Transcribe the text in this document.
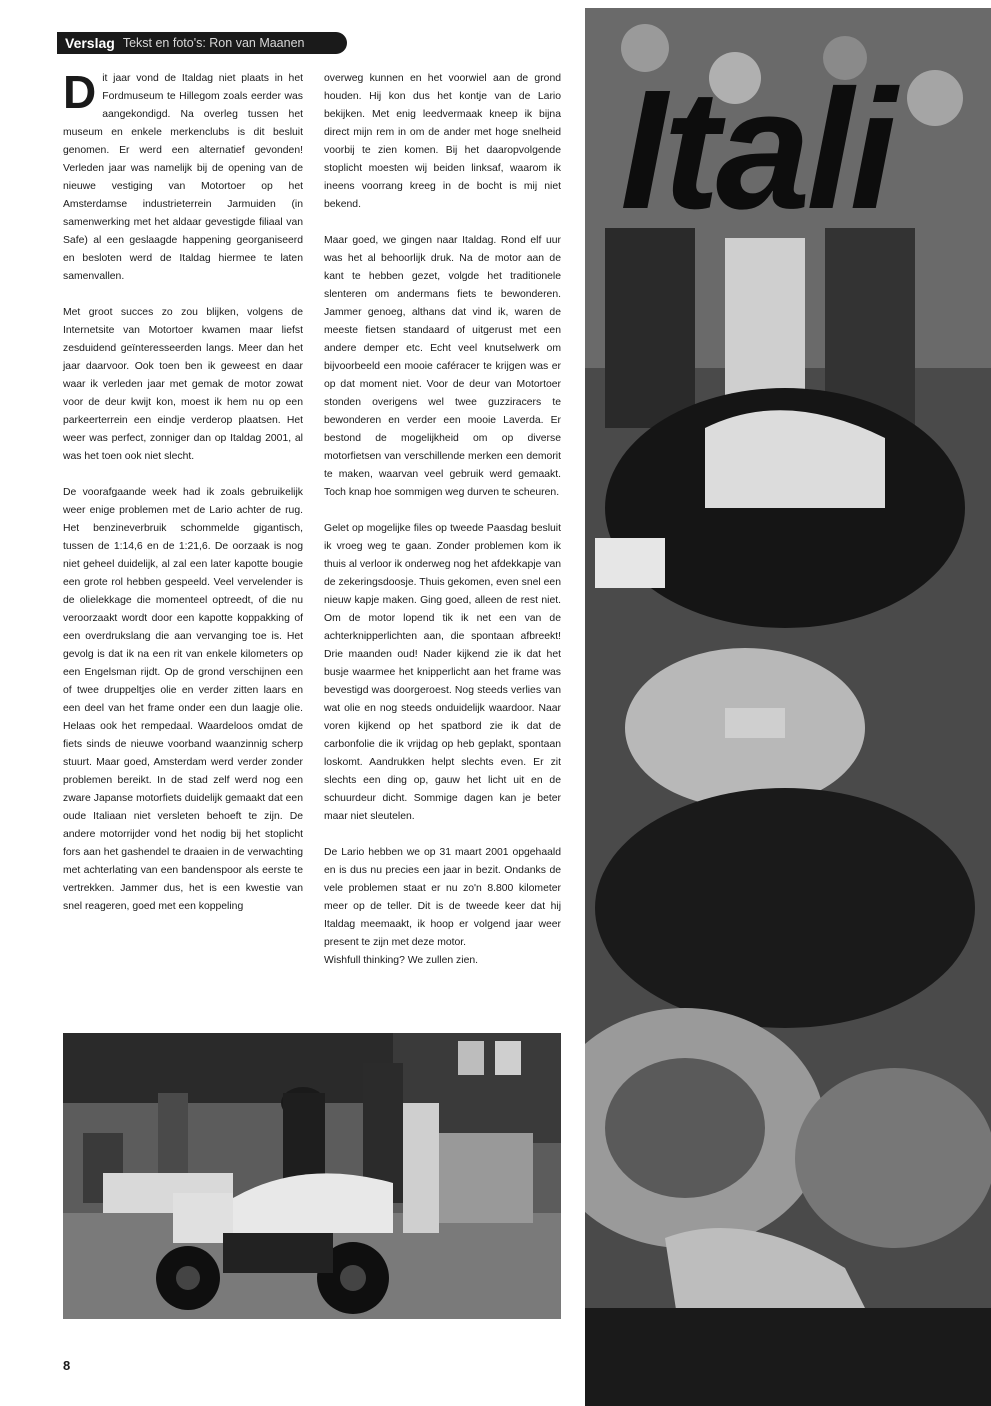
Verslag Tekst en foto's: Ron van Maanen

D it jaar vond de Italdag niet plaats in het Fordmuseum te Hillegom zoals eerder was aangekondigd. Na overleg tussen het museum en enkele merkenclubs is dit besluit genomen. Er werd een alternatief gevonden! Verleden jaar was namelijk bij de opening van de nieuwe vestiging van Motortoer op het Amsterdamse industrieterrein Jarmuiden (in samenwerking met het aldaar gevestigde filiaal van Safe) al een geslaagde happening georganiseerd en besloten werd de Italdag hiermee te laten samenvallen.

Met groot succes zo zou blijken, volgens de Internetsite van Motortoer kwamen maar liefst zesduidend geïnteresseerden langs. Meer dan het jaar daarvoor. Ook toen ben ik geweest en daar waar ik verleden jaar met gemak de motor zowat voor de deur kwijt kon, moest ik hem nu op een parkeerterrein een eindje verderop plaatsen. Het weer was perfect, zonniger dan op Italdag 2001, al was het toen ook niet slecht.

De voorafgaande week had ik zoals gebruikelijk weer enige problemen met de Lario achter de rug. Het benzineverbruik schommelde gigantisch, tussen de 1:14,6 en de 1:21,6. De oorzaak is nog niet geheel duidelijk, al zal een later kapotte bougie een grote rol hebben gespeeld. Veel vervelender is de olielekkage die momenteel optreedt, of die nu veroorzaakt wordt door een kapotte koppakking of een overdrukslang die aan vervanging toe is. Het gevolg is dat ik na een rit van enkele kilometers op een Engelsman rijdt. Op de grond verschijnen een of twee druppeltjes olie en verder zitten laars en een deel van het frame onder een dun laagje olie. Helaas ook het rempedaal. Waardeloos omdat de fiets sinds de nieuwe voorband waanzinnig scherp stuurt. Maar goed, Amsterdam werd verder zonder problemen bereikt. In de stad zelf werd nog een zware Japanse motorfiets duidelijk gemaakt dat een oude Italiaan niet versleten behoeft te zijn. De andere motorrijder vond het nodig bij het stoplicht fors aan het gashendel te draaien in de verwachting met achterlating van een bandenspoor als eerste te vertrekken. Jammer dus, het is een kwestie van snel reageren, goed met een koppeling

overweg kunnen en het voorwiel aan de grond houden. Hij kon dus het kontje van de Lario bekijken. Met enig leedvermaak kneep ik bijna direct mijn rem in om de ander met hoge snelheid voorbij te zien komen. Bij het daaropvolgende stoplicht moesten wij beiden linksaf, waarom ik ineens voorrang kreeg in de bocht is mij niet bekend.

Maar goed, we gingen naar Italdag. Rond elf uur was het al behoorlijk druk. Na de motor aan de kant te hebben gezet, volgde het traditionele slenteren om andermans fiets te bewonderen. Jammer genoeg, althans dat vind ik, waren de meeste fietsen standaard of uitgerust met een andere demper etc. Echt veel knutselwerk om bijvoorbeeld een mooie caféracer te krijgen was er op dat moment niet. Voor de deur van Motortoer stonden overigens wel twee guzziracers te bewonderen en verder een mooie Laverda. Er bestond de mogelijkheid om op diverse motorfietsen van verschillende merken een demorit te maken, waarvan veel gebruik werd gemaakt. Toch knap hoe sommigen weg durven te scheuren.

Gelet op mogelijke files op tweede Paasdag besluit ik vroeg weg te gaan. Zonder problemen kom ik thuis al verloor ik onderweg nog het afdekkapje van de zekeringsdoosje. Thuis gekomen, even snel een nieuw kapje maken. Ging goed, alleen de rest niet. Om de motor lopend tik ik net een van de achterknipperlichten aan, die spontaan afbreekt! Drie maanden oud! Nader kijkend zie ik dat het busje waarmee het knipperlicht aan het frame was bevestigd was doorgeroest. Nog steeds verlies van wat olie en nog steeds onduidelijk waardoor. Naar voren kijkend op het spatbord zie ik dat de carbonfolie die ik vrijdag op heb geplakt, spontaan loskomt. Aandrukken helpt slechts even. Er zit slechts een ding op, gauw het licht uit en de schuurdeur dicht. Sommige dagen kan je beter maar niet sleutelen.

De Lario hebben we op 31 maart 2001 opgehaald en is dus nu precies een jaar in bezit. Ondanks de vele problemen staat er nu zo'n 8.800 kilometer meer op de teller. Dit is de tweede keer dat hij Italdag meemaakt, ik hoop er volgend jaar weer present te zijn met deze motor.

Wishfull thinking? We zullen zien.

Itali
8
